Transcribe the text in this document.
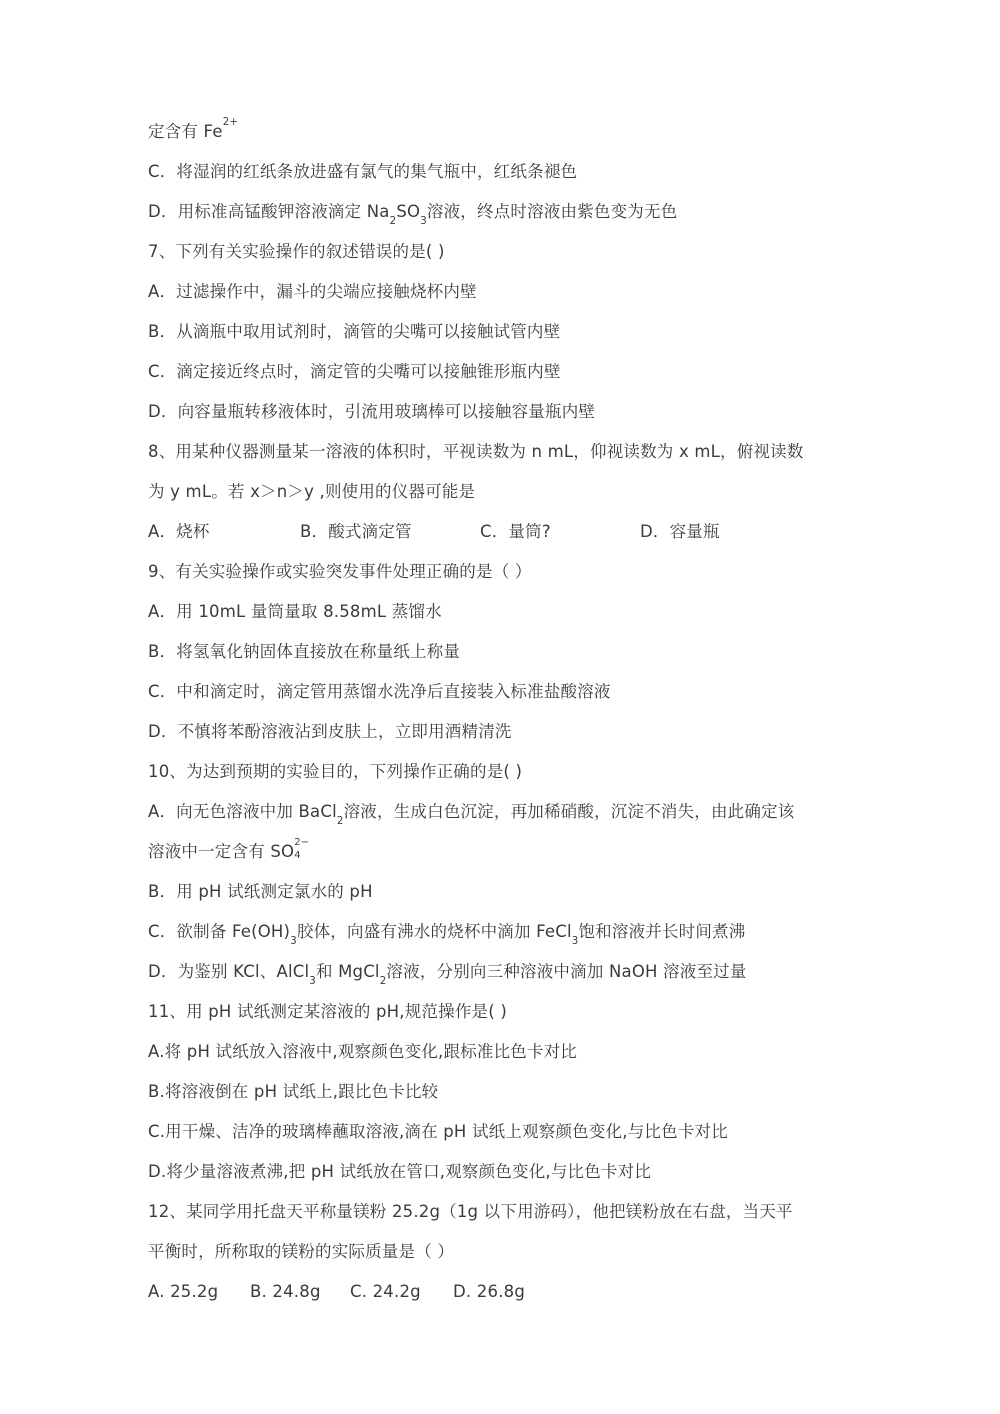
定含有 $Fe^{2+}$
C．将湿润的红纸条放进盛有氯气的集气瓶中，红纸条褪色
D．用标准高锰酸钾溶液滴定 $Na_2SO_3$溶液，终点时溶液由紫色变为无色
7、下列有关实验操作的叙述错误的是( )
A．过滤操作中，漏斗的尖端应接触烧杯内壁
B．从滴瓶中取用试剂时，滴管的尖嘴可以接触试管内壁
C．滴定接近终点时，滴定管的尖嘴可以接触锥形瓶内壁
D．向容量瓶转移液体时，引流用玻璃棒可以接触容量瓶内壁
8、用某种仪器测量某一溶液的体积时，平视读数为 n mL，仰视读数为 x mL，俯视读数
为 y mL。若 x＞n＞y ,则使用的仪器可能是
A．烧杯	B．酸式滴定管	C．量筒?	D．容量瓶
9、有关实验操作或实验突发事件处理正确的是（ ）
A．用 10mL 量筒量取 8.58mL 蒸馏水
B．将氢氧化钠固体直接放在称量纸上称量
C．中和滴定时，滴定管用蒸馏水洗净后直接装入标准盐酸溶液
D．不慎将苯酚溶液沾到皮肤上，立即用酒精清洗
10、为达到预期的实验目的，下列操作正确的是( )
A．向无色溶液中加 BaCl$_2$溶液，生成白色沉淀，再加稀硝酸，沉淀不消失，由此确定该
溶液中一定含有 SO 2−
4
B．用 pH 试纸测定氯水的 pH
C．欲制备 $Fe(OH)_3$胶体，向盛有沸水的烧杯中滴加 FeCl$_3$饱和溶液并长时间煮沸
D．为鉴别 KCl、AlCl$_3$和 MgCl$_2$溶液，分别向三种溶液中滴加 NaOH 溶液至过量
11、用 pH 试纸测定某溶液的 pH,规范操作是( )
A.将 pH 试纸放入溶液中,观察颜色变化,跟标准比色卡对比
B.将溶液倒在 pH 试纸上,跟比色卡比较
C.用干燥、洁净的玻璃棒蘸取溶液,滴在 pH 试纸上观察颜色变化,与比色卡对比
D.将少量溶液煮沸,把 pH 试纸放在管口,观察颜色变化,与比色卡对比
12、某同学用托盘天平称量镁粉 25.2g（1g 以下用游码），他把镁粉放在右盘，当天平
平衡时，所称取的镁粉的实际质量是（ ）
A. 25.2g B. 24.8g C. 24.2g D. 26.8g
